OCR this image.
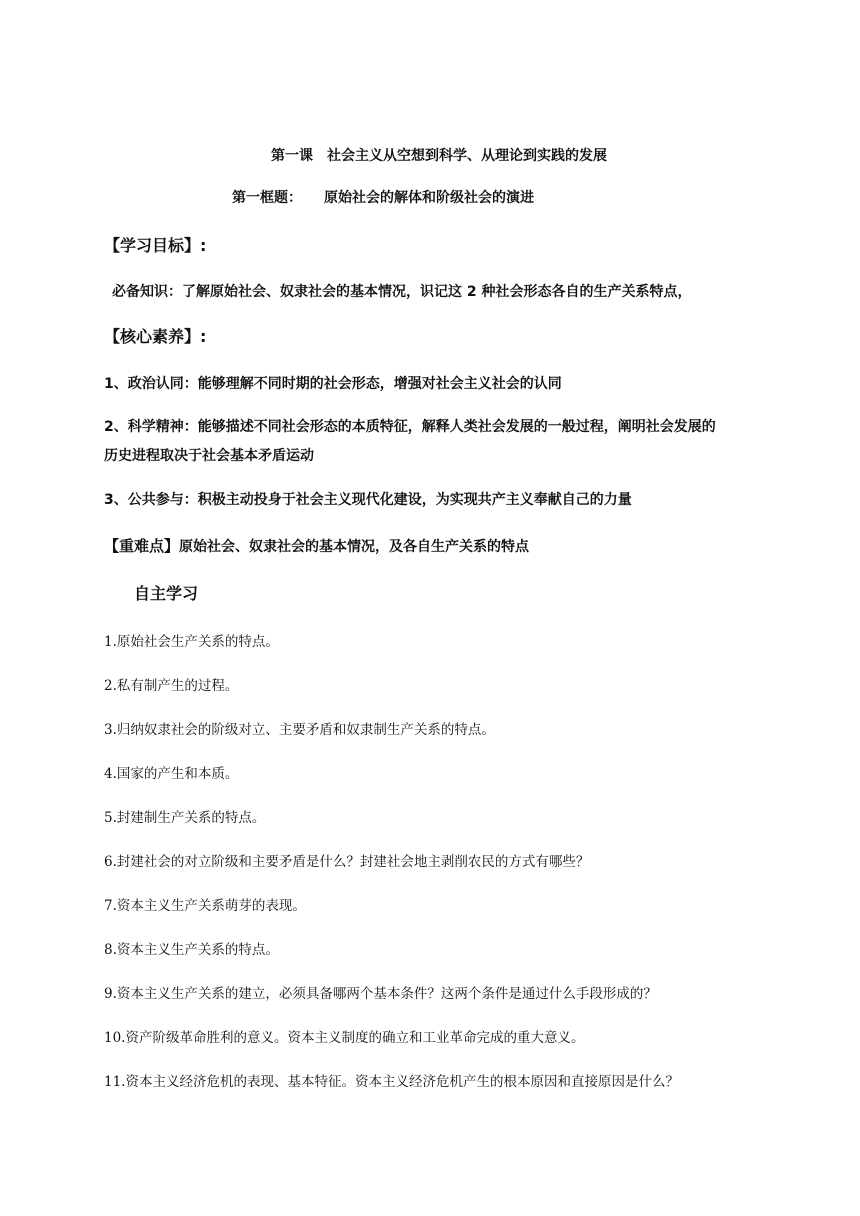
第一课　社会主义从空想到科学、从理论到实践的发展
第一框题： 原始社会的解体和阶级社会的演进
【学习目标】:
必备知识：了解原始社会、奴隶社会的基本情况，识记这 2 种社会形态各自的生产关系特点，
【核心素养】:
1、政治认同：能够理解不同时期的社会形态，增强对社会主义社会的认同
2、科学精神：能够描述不同社会形态的本质特征，解释人类社会发展的一般过程，阐明社会发展的
历史进程取决于社会基本矛盾运动
3、公共参与：积极主动投身于社会主义现代化建设，为实现共产主义奉献自己的力量
【重难点】原始社会、奴隶社会的基本情况，及各自生产关系的特点
自主学习
1.原始社会生产关系的特点。
2.私有制产生的过程。
3.归纳奴隶社会的阶级对立、主要矛盾和奴隶制生产关系的特点。
4.国家的产生和本质。
5.封建制生产关系的特点。
6.封建社会的对立阶级和主要矛盾是什么？封建社会地主剥削农民的方式有哪些？
7.资本主义生产关系萌芽的表现。
8.资本主义生产关系的特点。
9.资本主义生产关系的建立，必须具备哪两个基本条件？这两个条件是通过什么手段形成的？
10.资产阶级革命胜利的意义。资本主义制度的确立和工业革命完成的重大意义。
11.资本主义经济危机的表现、基本特征。资本主义经济危机产生的根本原因和直接原因是什么？
